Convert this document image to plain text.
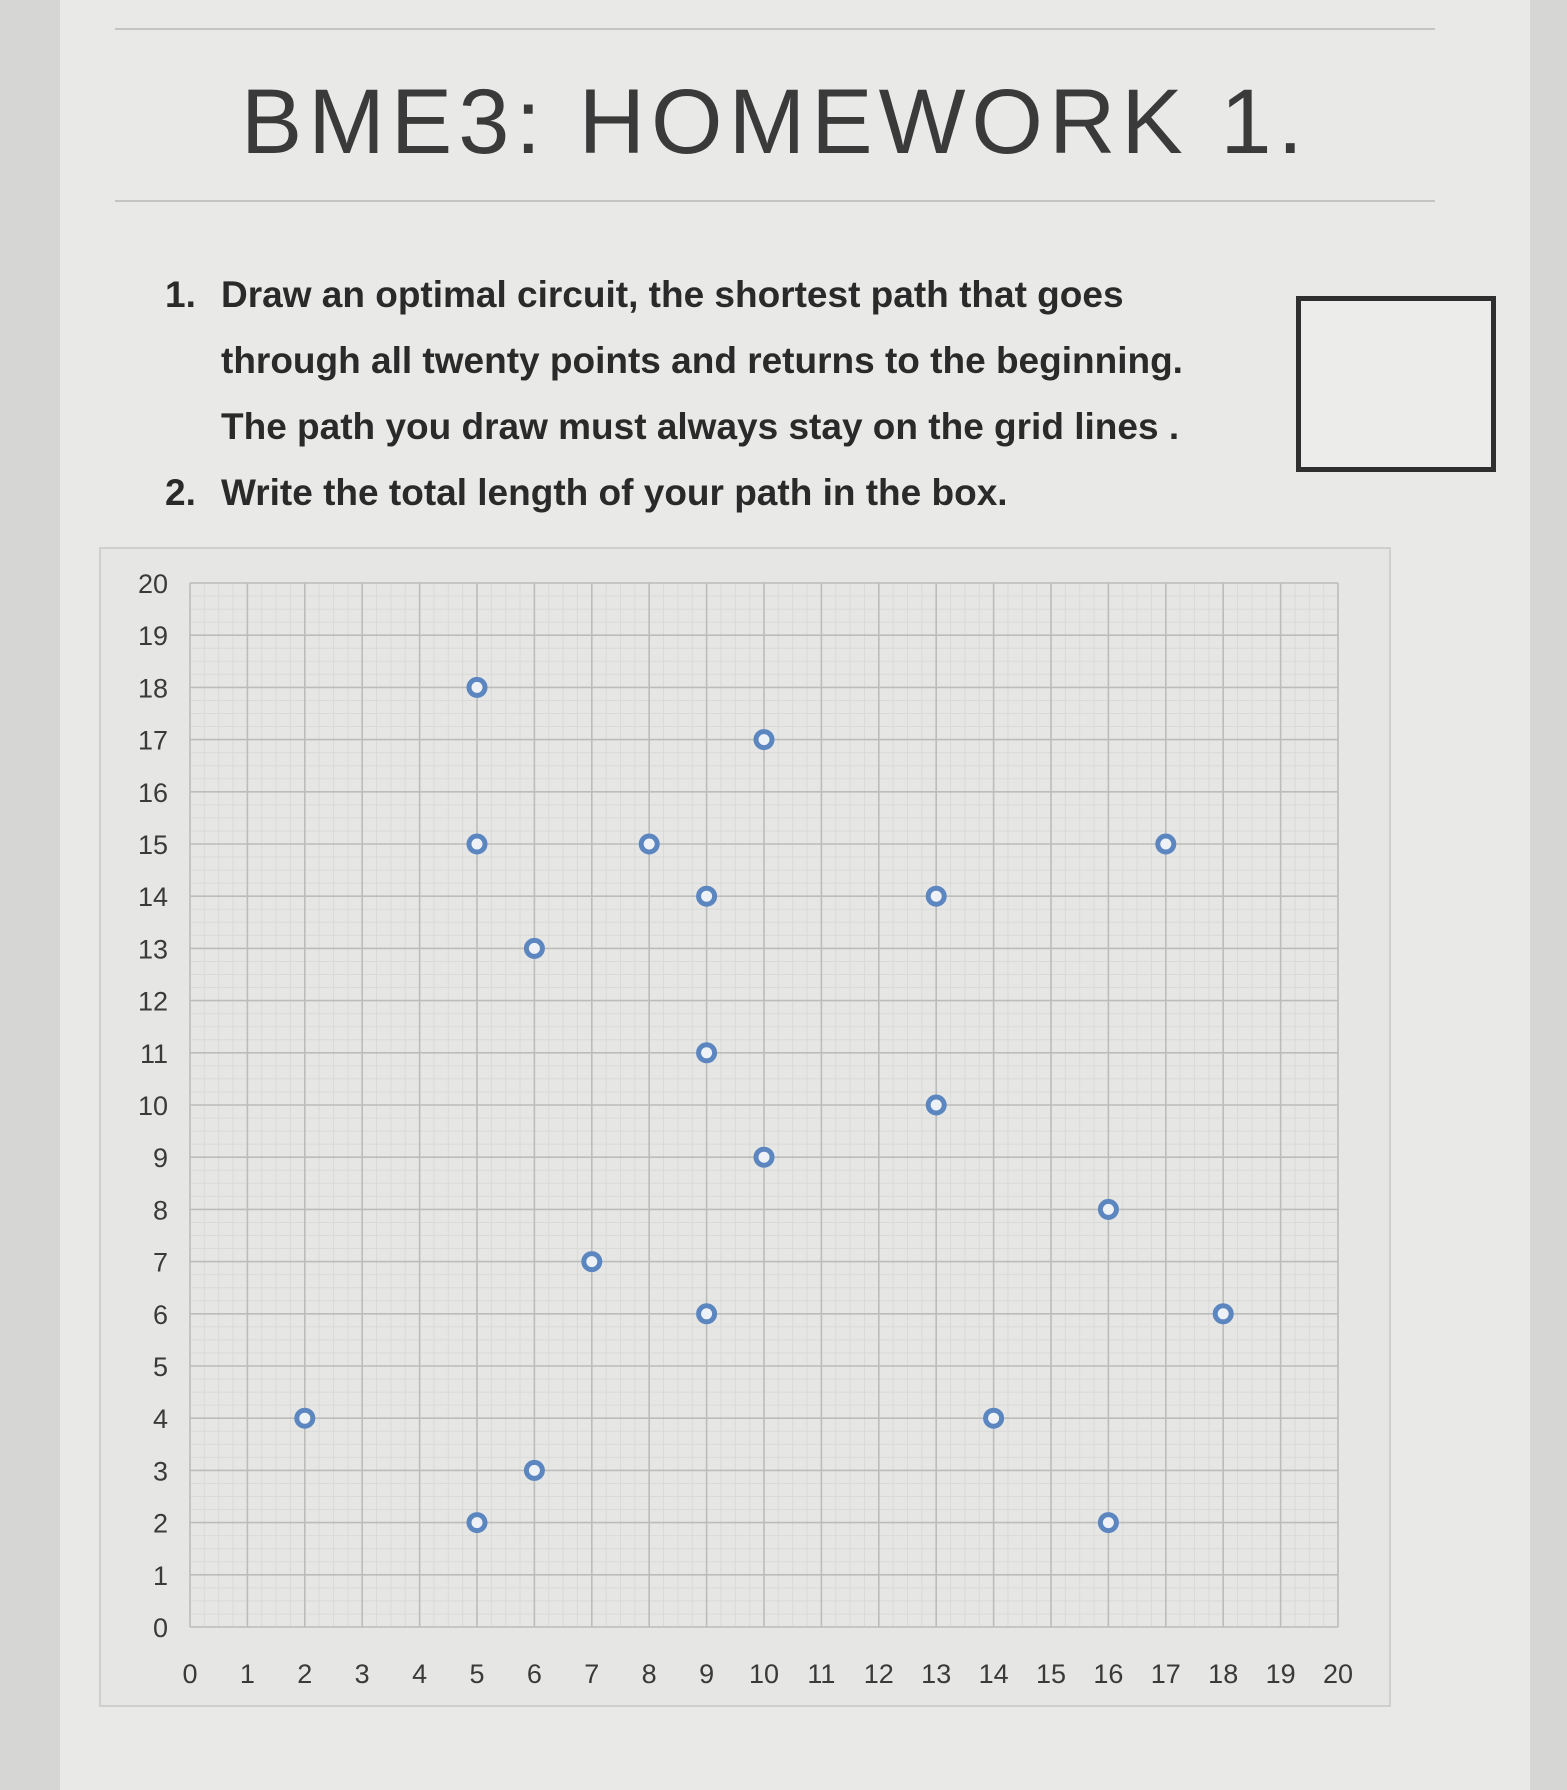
BME3: HOMEWORK 1.
1. Draw an optimal circuit, the shortest path that goes
through all twenty points and returns to the beginning.
The path you draw must always stay on the grid lines .
2. Write the total length of your path in the box.
0 1 2 3 4 5 6 7 8 9 10 11 12 13 14 15 16 17 18 19 20
0
1
2
3
4
5
6
7
8
9
10
11
12
13
14
15
16
17
18
19
20
